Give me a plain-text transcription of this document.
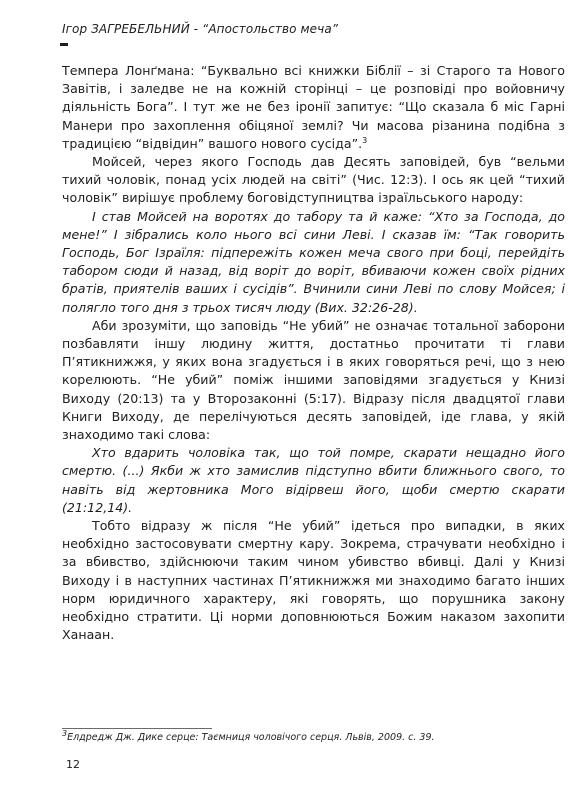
Ігор ЗАГРЕБЕЛЬНИЙ - “Апостольство меча”

Темпера Лонґмана: “Буквально всі книжки Біблії – зі Старого та Нового Завітів, і заледве не на кожній сторінці – це розповіді про войовничу діяльність Бога”. І тут же не без іронії запитує: “Що сказала б міс Гарні Манери про захоплення обіцяної землі? Чи масова різанина подібна з традицією “відвідин” вашого нового сусіда”.$^3$

Мойсей, через якого Господь дав Десять заповідей, був “вельми тихий чоловік, понад усіх людей на світі” (Чис. 12:3). І ось як цей “тихий чоловік” вирішує проблему боговідступництва ізраїльського народу:

І став Мойсей на воротях до табору та й каже: “Хто за Господа, до мене!” І зібрались коло нього всі сини Леві. І сказав їм: “Так говорить Господь, Бог Ізраїля: підпережіть кожен меча свого при боці, перейдіть табором сюди й назад, від воріт до воріт, вбиваючи кожен своїх рідних братів, приятелів ваших і сусідів”. Вчинили сини Леві по слову Мойсея; і полягло того дня з трьох тисяч люду (Вих. 32:26-28).

Аби зрозуміти, що заповідь “Не убий” не означає тотальної заборони позбавляти іншу людину життя, достатньо прочитати ті глави П’ятикнижжя, у яких вона згадується і в яких говоряться речі, що з нею корелюють. “Не убий” поміж іншими заповідями згадується у Книзі Виходу (20:13) та у Второзаконні (5:17). Відразу після двадцятої глави Книги Виходу, де перелічуються десять заповідей, іде глава, у якій знаходимо такі слова:

Хто вдарить чоловіка так, що той помре, скарати нещадно його смертю. (...) Якби ж хто замислив підступно вбити ближнього свого, то навіть від жертовника Мого відірвеш його, щоби смертю скарати (21:12,14).

Тобто відразу ж після “Не убий” ідеться про випадки, в яких необхідно застосовувати смертну кару. Зокрема, страчувати необхідно і за вбивство, здійснюючи таким чином убивство вбивці. Далі у Книзі Виходу і в наступних частинах П’ятикнижжя ми знаходимо багато інших норм юридичного характеру, які говорять, що порушника закону необхідно стратити. Ці норми доповнюються Божим наказом захопити Ханаан.

$^3$Елдредж Дж. Дике серце: Таємниця чоловічого серця. Львів, 2009. с. 39.
12
